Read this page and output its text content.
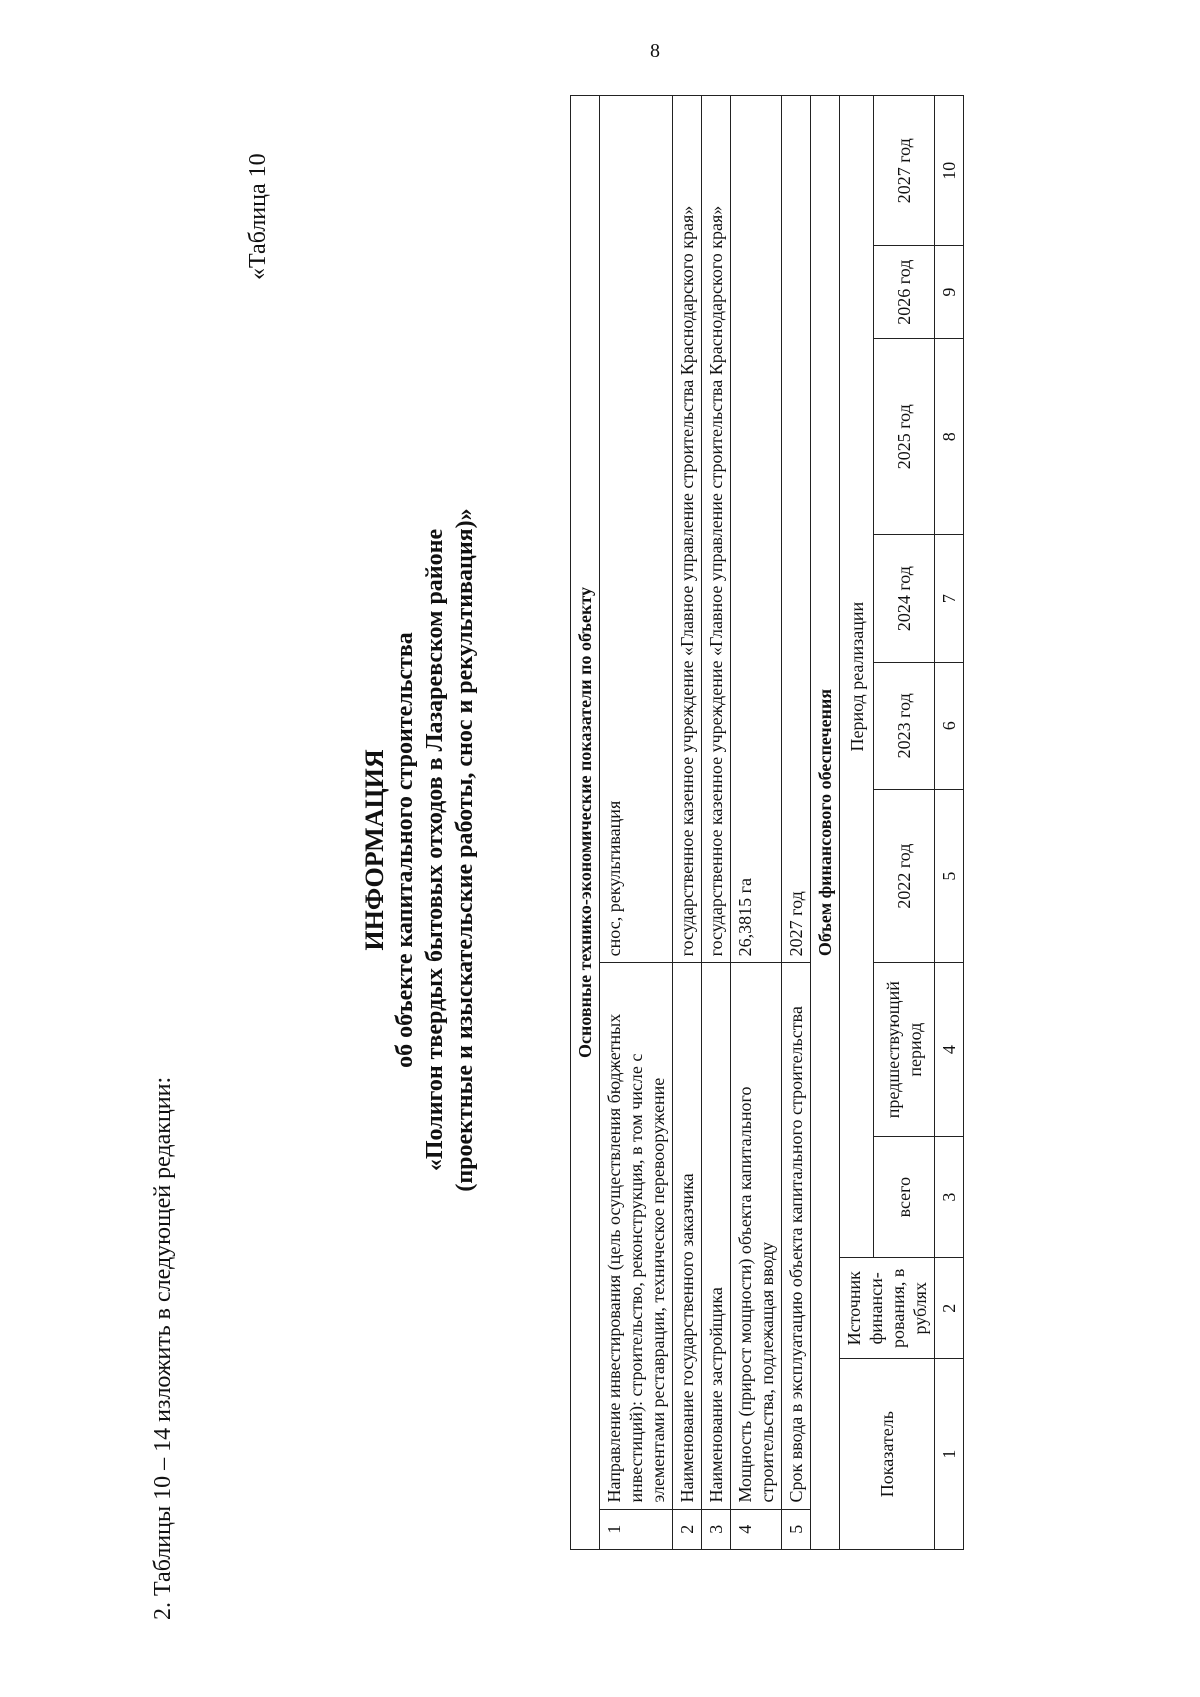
8
2. Таблицы 10 – 14 изложить в следующей редакции:
«Таблица 10
ИНФОРМАЦИЯ об объекте капитального строительства «Полигон твердых бытовых отходов в Лазаревском районе (проектные и изыскательские работы, снос и рекультивация)»	Основные технико-экономические показатели по объекту										
1	Направление инвестирования (цель осуществления бюджетных инвестиций): строительство, реконструкция, в том числе с элементами реставрации, техническое перевооружение				снос, рекультивация					
2	Наименование государственного заказчика				государственное казенное учреждение «Главное управление строительства Краснодарского края»					
3	Наименование застройщика				государственное казенное учреждение «Главное управление строительства Краснодарского края»					
4	Мощность (прирост мощности) объекта капитального строительства, подлежащая вводу				26,3815 га					
5	Срок ввода в эксплуатацию объекта капитального строительства				2027 год					
Объем финансового обеспечения										
Показатель		Источник финанси-рования, в рублях	Период реализации							
			всего	предшествующий период	2022 год	2023 год	2024 год	2025 год	2026 год	2027 год
1		2	3	4	5	6	7	8	9	10
